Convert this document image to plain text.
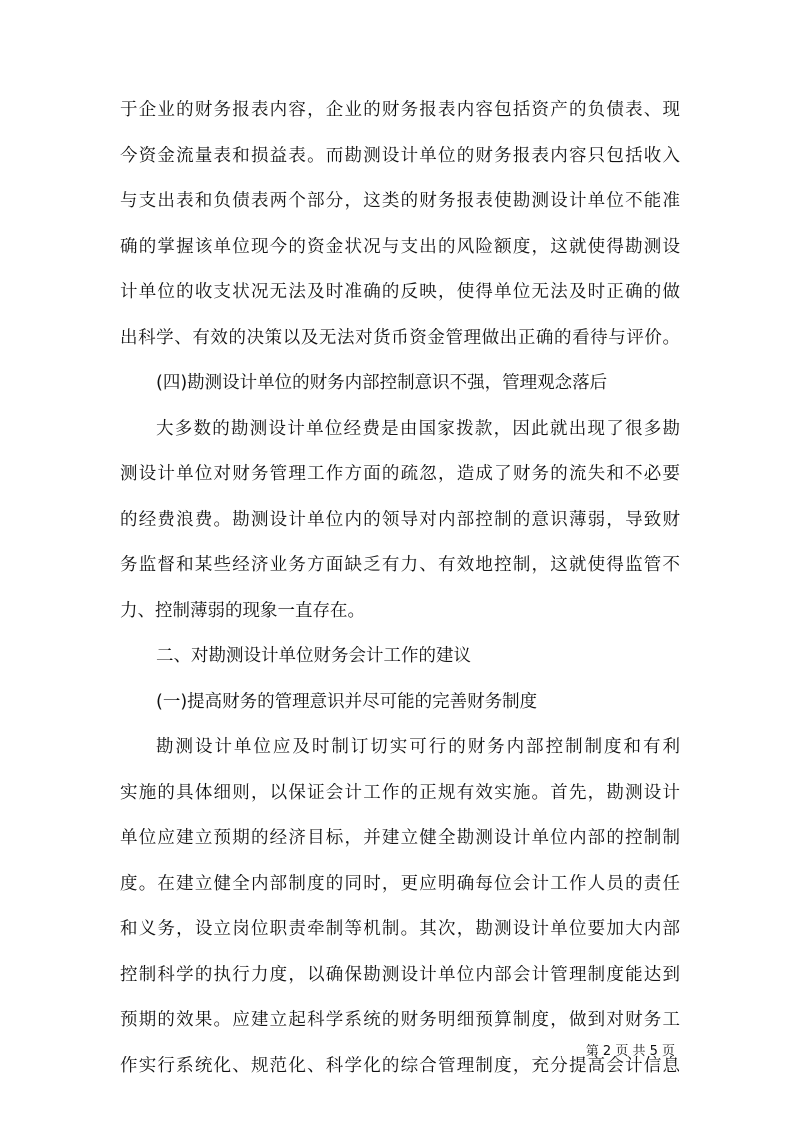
于企业的财务报表内容，企业的财务报表内容包括资产的负债表、现
今资金流量表和损益表。而勘测设计单位的财务报表内容只包括收入
与支出表和负债表两个部分，这类的财务报表使勘测设计单位不能准
确的掌握该单位现今的资金状况与支出的风险额度，这就使得勘测设
计单位的收支状况无法及时准确的反映，使得单位无法及时正确的做
出科学、有效的决策以及无法对货币资金管理做出正确的看待与评价。
(四)勘测设计单位的财务内部控制意识不强，管理观念落后
大多数的勘测设计单位经费是由国家拨款，因此就出现了很多勘
测设计单位对财务管理工作方面的疏忽，造成了财务的流失和不必要
的经费浪费。勘测设计单位内的领导对内部控制的意识薄弱，导致财
务监督和某些经济业务方面缺乏有力、有效地控制，这就使得监管不
力、控制薄弱的现象一直存在。
二、对勘测设计单位财务会计工作的建议
(一)提高财务的管理意识并尽可能的完善财务制度
勘测设计单位应及时制订切实可行的财务内部控制制度和有利
实施的具体细则，以保证会计工作的正规有效实施。首先，勘测设计
单位应建立预期的经济目标，并建立健全勘测设计单位内部的控制制
度。在建立健全内部制度的同时，更应明确每位会计工作人员的责任
和义务，设立岗位职责牵制等机制。其次，勘测设计单位要加大内部
控制科学的执行力度，以确保勘测设计单位内部会计管理制度能达到
预期的效果。应建立起科学系统的财务明细预算制度，做到对财务工
作实行系统化、规范化、科学化的综合管理制度，充分提高会计信息
第 2 页 共 5 页
